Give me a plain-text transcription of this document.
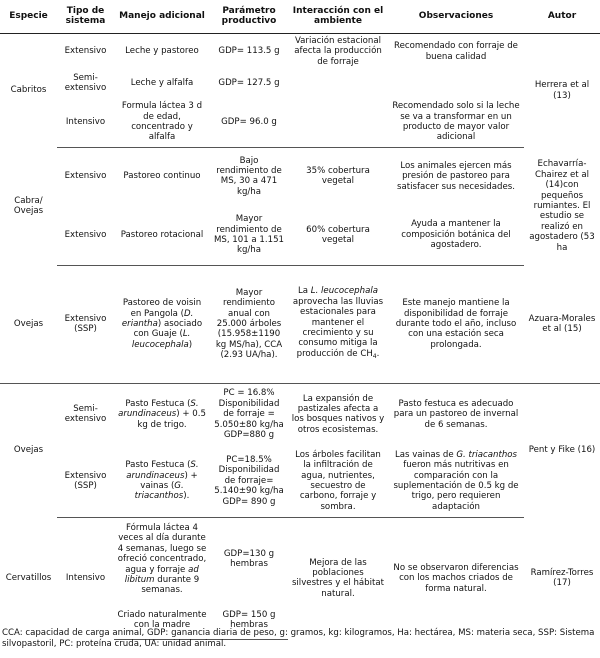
Especie	Tipo de sistema	Manejo adicional	Parámetro productivo	Interacción con el ambiente	Observaciones	Autor
Cabritos	Extensivo	Leche y pastoreo	GDP= 113.5 g	Variación estacional afecta la producción de forraje	Recomendado con forraje de buena calidad	Herrera et al (13)
	Semi-extensivo	Leche y alfalfa	GDP= 127.5 g			
	Intensivo	Formula láctea 3 d de edad, concentrado y alfalfa	GDP= 96.0 g		Recomendado solo si la leche se va a transformar en un producto de mayor valor adicional	
Cabra/ Ovejas	Extensivo	Pastoreo continuo	Bajo rendimiento de MS, 30 a 471 kg/ha	35% cobertura vegetal	Los animales ejercen más presión de pastoreo para satisfacer sus necesidades.	Echavarría-Chairez et al (14)con pequeños rumiantes. El estudio se realizó en agostadero (53 ha
	Extensivo	Pastoreo rotacional	Mayor rendimiento de MS, 101 a 1.151 kg/ha	60% cobertura vegetal	Ayuda a mantener la composición botánica del agostadero.	
Ovejas	Extensivo (SSP)	Pastoreo de voisin en Pangola (D. eriantha) asociado con Guaje (L. leucocephala)	Mayor rendimiento anual con 25.000 árboles (15.958±1190 kg MS/ha), CCA (2.93 UA/ha).	La L. leucocephala aprovecha las lluvias estacionales para mantener el crecimiento y su consumo mitiga la producción de $CH_4$.	Este manejo mantiene la disponibilidad de forraje durante todo el año, incluso con una estación seca prolongada.	Azuara-Morales et al (15)
Ovejas	Semi-extensivo	Pasto Festuca (S. arundinaceus) + 0.5 kg de trigo.	PC = 16.8% Disponibilidad de forraje = 5.050±80 kg/ha GDP=880 g	La expansión de pastizales afecta a los bosques nativos y otros ecosistemas.	Pasto festuca es adecuado para un pastoreo de invernal de 6 semanas.	Pent y Fike (16)
	Extensivo (SSP)	Pasto Festuca (S. arundinaceus) + vainas (G. triacanthos).	PC=18.5% Disponibilidad de forraje= 5.140±90 kg/ha GDP= 890 g	Los árboles facilitan la infiltración de agua, nutrientes, secuestro de carbono, forraje y sombra.	Las vainas de G. triacanthos fueron más nutritivas en comparación con la suplementación de 0.5 kg de trigo, pero requieren adaptación	
Cervatillos	Intensivo	Fórmula láctea 4 veces al día durante 4 semanas, luego se ofreció concentrado, agua y forraje ad libitum durante 9 semanas.	GDP=130 g hembras	Mejora de las poblaciones silvestres y el hábitat natural.	No se observaron diferencias con los machos criados de forma natural.	Ramírez-Torres (17)
		Criado naturalmente con la madre	GDP= 150 g hembras			
CCA: capacidad de carga animal, GDP: ganancia diaria de peso, g: gramos, kg: kilogramos, Ha: hectárea, MS: materia seca, SSP: Sistema silvopastoril, PC: proteína cruda, UA: unidad animal.
